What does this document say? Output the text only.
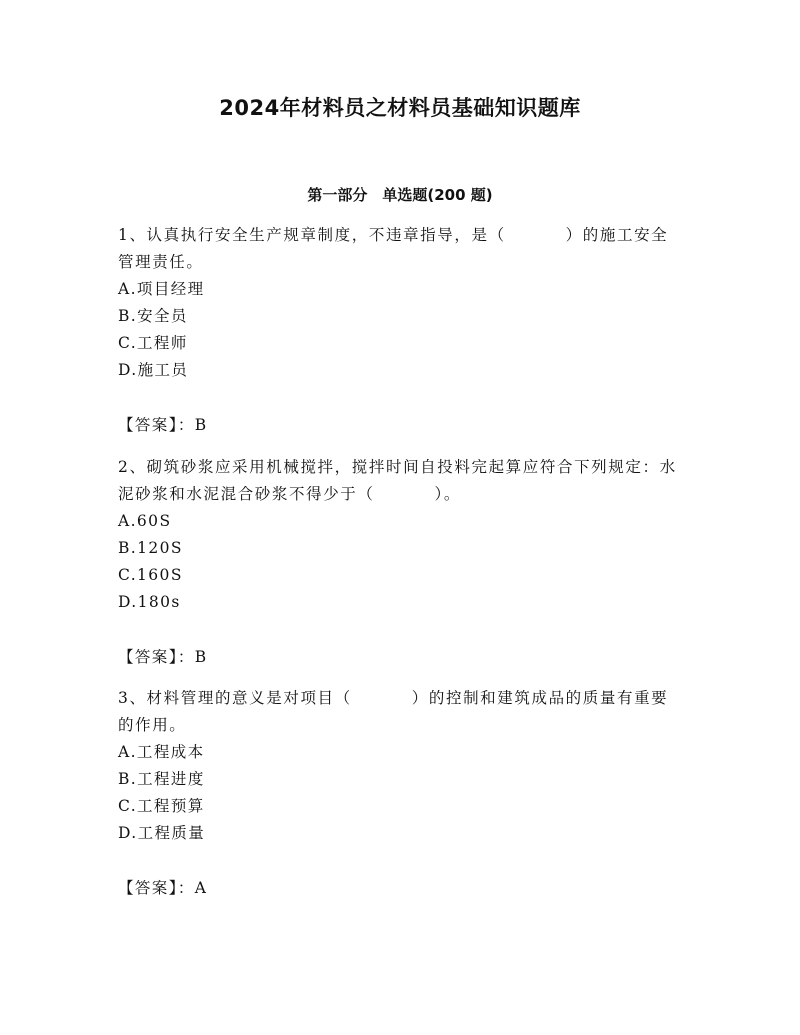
2024年材料员之材料员基础知识题库
第一部分　单选题(200 题)
1、认真执行安全生产规章制度，不违章指导，是（	）的施工安全管理责任。
A.项目经理
B.安全员
C.工程师
D.施工员
【答案】：B
2、砌筑砂浆应采用机械搅拌，搅拌时间自投料完起算应符合下列规定：水泥砂浆和水泥混合砂浆不得少于（	）。
A.60S
B.120S
C.160S
D.180s
【答案】：B
3、材料管理的意义是对项目（	）的控制和建筑成品的质量有重要的作用。
A.工程成本
B.工程进度
C.工程预算
D.工程质量
【答案】：A
